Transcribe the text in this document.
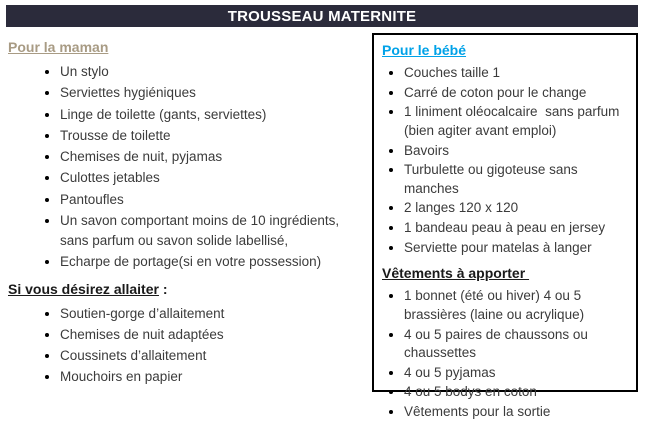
TROUSSEAU MATERNITE
Pour la maman
• Un stylo
• Serviettes hygiéniques
• Linge de toilette (gants, serviettes)
• Trousse de toilette
• Chemises de nuit, pyjamas
• Culottes jetables
• Pantoufles
• Un savon comportant moins de 10 ingrédients, sans parfum ou savon solide labellisé,
• Echarpe de portage(si en votre possession)
Si vous désirez allaiter :
• Soutien-gorge d’allaitement
• Chemises de nuit adaptées
• Coussinets d’allaitement
• Mouchoirs en papier
Pour le bébé
• Couches taille 1
• Carré de coton pour le change
• 1 liniment oléocalcaire  sans parfum (bien agiter avant emploi)
• Bavoirs
• Turbulette ou gigoteuse sans manches
• 2 langes 120 x 120
• 1 bandeau peau à peau en jersey
• Serviette pour matelas à langer
Vêtements à apporter
• 1 bonnet (été ou hiver) 4 ou 5 brassières (laine ou acrylique)
• 4 ou 5 paires de chaussons ou chaussettes
• 4 ou 5 pyjamas
• 4 ou 5 bodys en coton
• Vêtements pour la sortie
